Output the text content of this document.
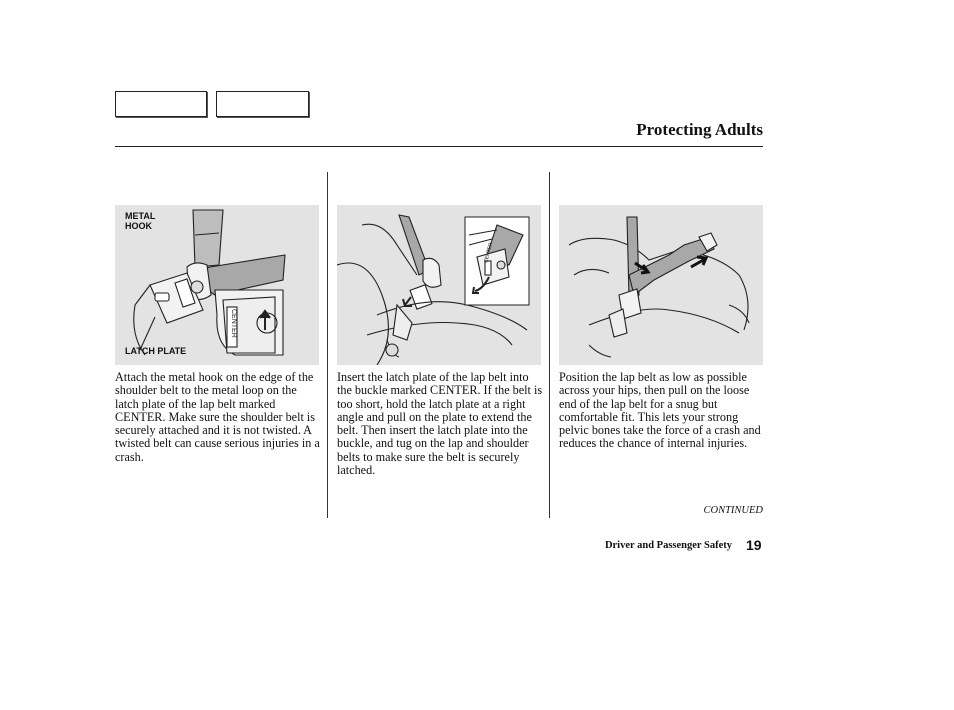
Protecting Adults
CENTER
METAL
HOOK
LATCH PLATE
CENTER
Attach the metal hook on the edge of the shoulder belt to the metal loop on the latch plate of the lap belt marked CENTER. Make sure the shoulder belt is securely attached and it is not twisted. A twisted belt can cause serious injuries in a crash.
Insert the latch plate of the lap belt into the buckle marked CENTER. If the belt is too short, hold the latch plate at a right angle and pull on the plate to extend the belt. Then insert the latch plate into the buckle, and tug on the lap and shoulder belts to make sure the belt is securely latched.
Position the lap belt as low as possible across your hips, then pull on the loose end of the lap belt for a snug but comfortable fit. This lets your strong pelvic bones take the force of a crash and reduces the chance of internal injuries.
CONTINUED
Driver and Passenger Safety 19
